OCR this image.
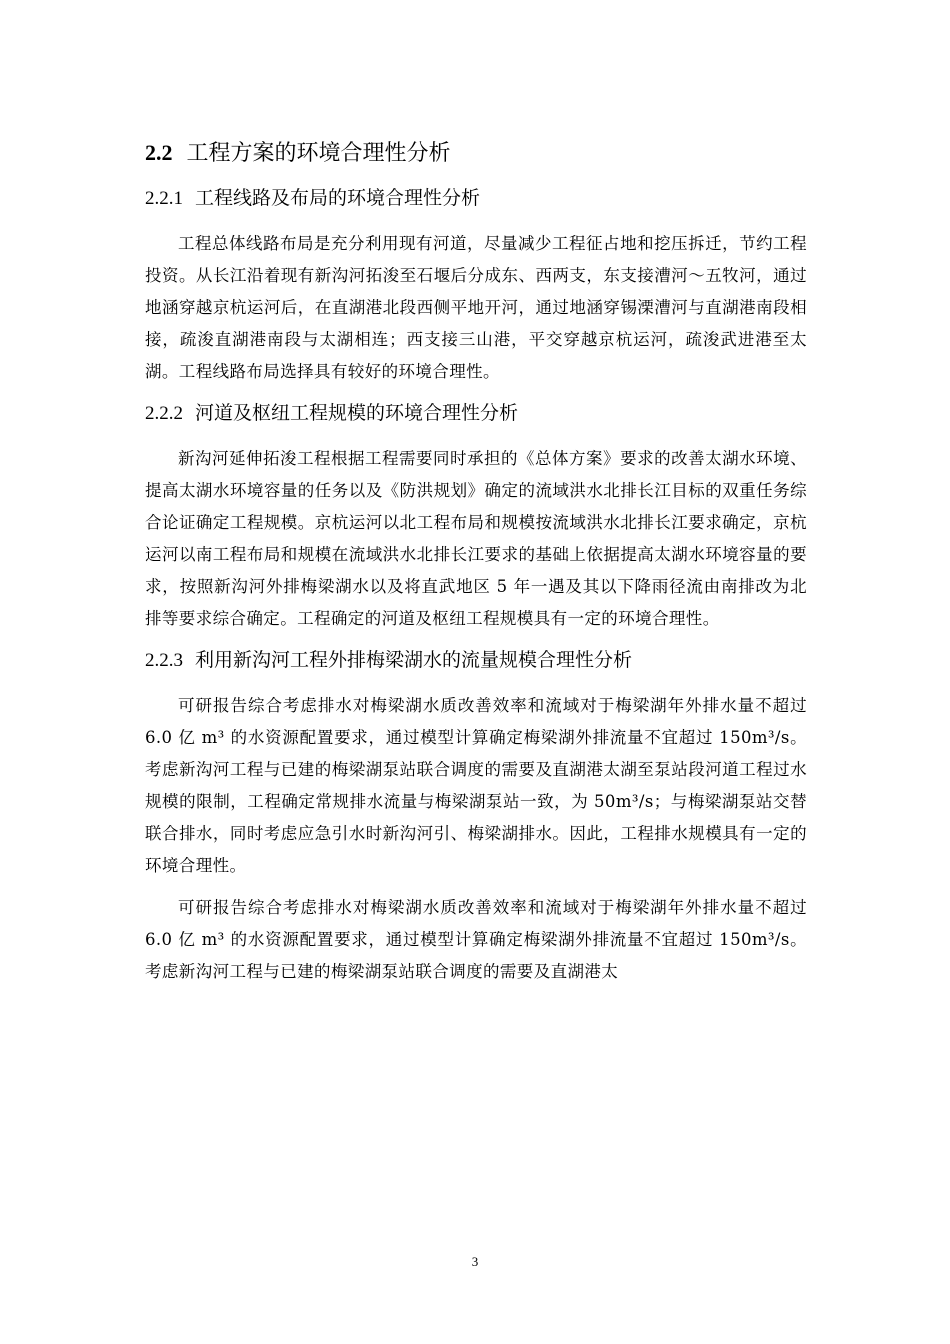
2.2 工程方案的环境合理性分析
2.2.1 工程线路及布局的环境合理性分析

工程总体线路布局是充分利用现有河道，尽量减少工程征占地和挖压拆迁，节约工程投资。从长江沿着现有新沟河拓浚至石堰后分成东、西两支，东支接漕河～五牧河，通过地涵穿越京杭运河后，在直湖港北段西侧平地开河，通过地涵穿锡溧漕河与直湖港南段相接，疏浚直湖港南段与太湖相连；西支接三山港，平交穿越京杭运河，疏浚武进港至太湖。工程线路布局选择具有较好的环境合理性。

2.2.2 河道及枢纽工程规模的环境合理性分析

新沟河延伸拓浚工程根据工程需要同时承担的《总体方案》要求的改善太湖水环境、提高太湖水环境容量的任务以及《防洪规划》确定的流域洪水北排长江目标的双重任务综合论证确定工程规模。京杭运河以北工程布局和规模按流域洪水北排长江要求确定，京杭运河以南工程布局和规模在流域洪水北排长江要求的基础上依据提高太湖水环境容量的要求，按照新沟河外排梅梁湖水以及将直武地区 5 年一遇及其以下降雨径流由南排改为北排等要求综合确定。工程确定的河道及枢纽工程规模具有一定的环境合理性。

2.2.3 利用新沟河工程外排梅梁湖水的流量规模合理性分析

可研报告综合考虑排水对梅梁湖水质改善效率和流域对于梅梁湖年外排水量不超过 6.0 亿 m³ 的水资源配置要求，通过模型计算确定梅梁湖外排流量不宜超过 150m³/s。考虑新沟河工程与已建的梅梁湖泵站联合调度的需要及直湖港太湖至泵站段河道工程过水规模的限制，工程确定常规排水流量与梅梁湖泵站一致，为 50m³/s；与梅梁湖泵站交替联合排水，同时考虑应急引水时新沟河引、梅梁湖排水。因此，工程排水规模具有一定的 环境合理性。

可研报告综合考虑排水对梅梁湖水质改善效率和流域对于梅梁湖年外排水量不超过 6.0 亿 m³ 的水资源配置要求，通过模型计算确定梅梁湖外排流量不宜超过 150m³/s。考虑新沟河工程与已建的梅梁湖泵站联合调度的需要及直湖港太

3
